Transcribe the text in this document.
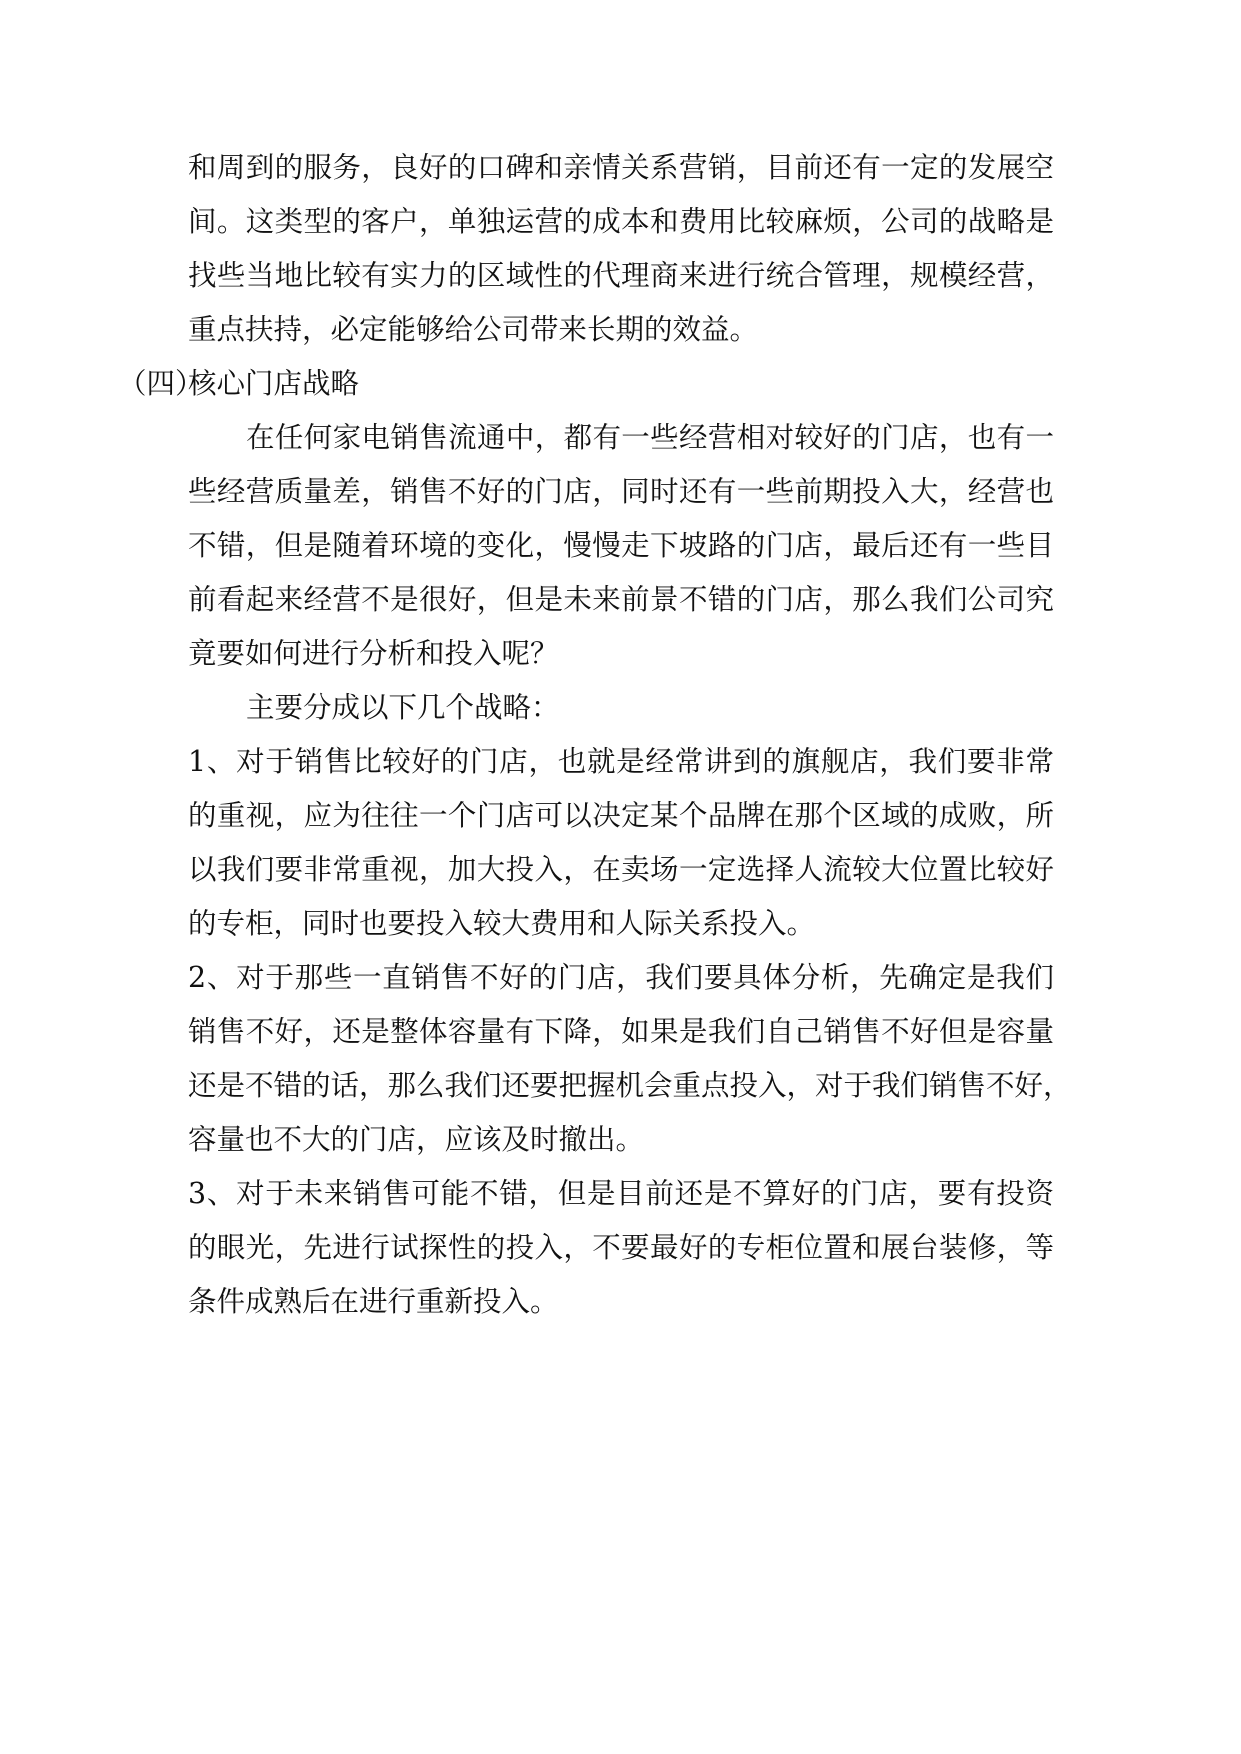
和周到的服务，良好的口碑和亲情关系营销，目前还有一定的发展空
间。这类型的客户，单独运营的成本和费用比较麻烦，公司的战略是
找些当地比较有实力的区域性的代理商来进行统合管理，规模经营，
重点扶持，必定能够给公司带来长期的效益。
（四）
核心门店战略
在任何家电销售流通中，都有一些经营相对较好的门店，也有一
些经营质量差，销售不好的门店，同时还有一些前期投入大，经营也
不错，但是随着环境的变化，慢慢走下坡路的门店，最后还有一些目
前看起来经营不是很好，但是未来前景不错的门店，那么我们公司究
竟要如何进行分析和投入呢？
主要分成以下几个战略：
1、对于销售比较好的门店，也就是经常讲到的旗舰店，我们要非常
的重视，应为往往一个门店可以决定某个品牌在那个区域的成败，所
以我们要非常重视，加大投入，在卖场一定选择人流较大位置比较好
的专柜，同时也要投入较大费用和人际关系投入。
2、对于那些一直销售不好的门店，我们要具体分析，先确定是我们
销售不好，还是整体容量有下降，如果是我们自己销售不好但是容量
还是不错的话，那么我们还要把握机会重点投入，对于我们销售不好，
容量也不大的门店，应该及时撤出。
3、对于未来销售可能不错，但是目前还是不算好的门店，要有投资
的眼光，先进行试探性的投入，不要最好的专柜位置和展台装修，等
条件成熟后在进行重新投入。
